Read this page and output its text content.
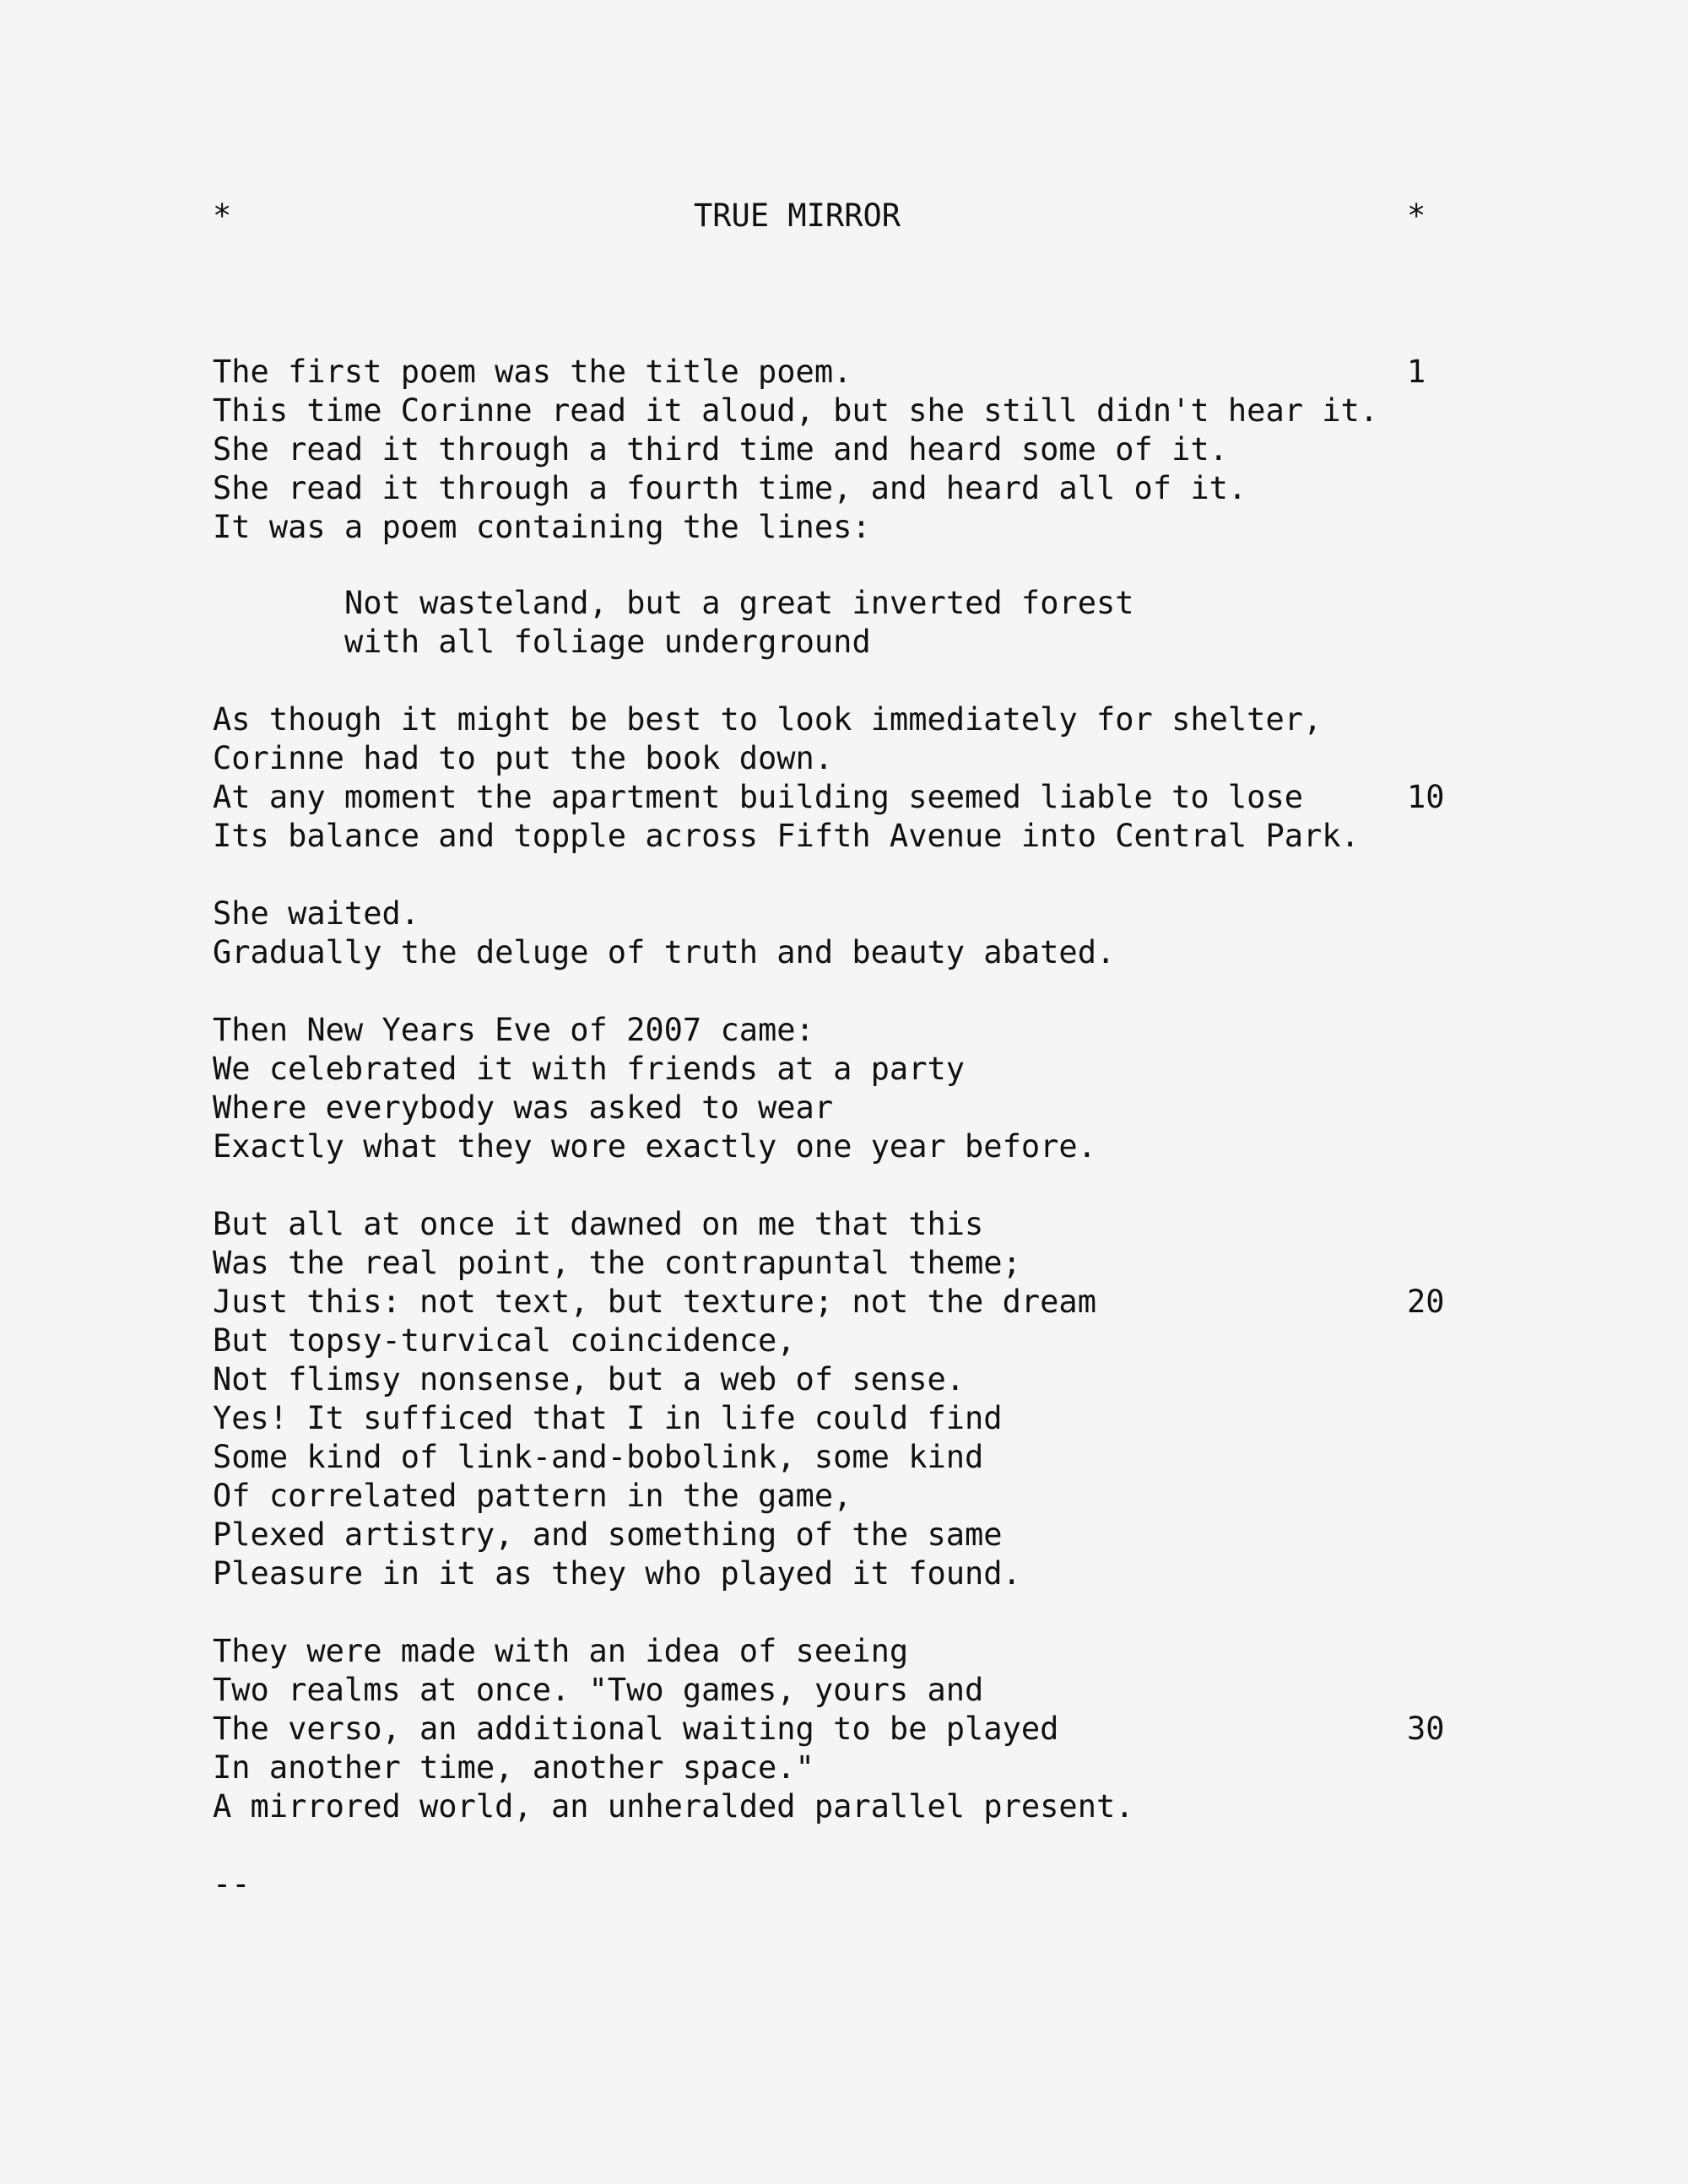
*	TRUE MIRROR	*
The first poem was the title poem.	1
This time Corinne read it aloud, but she still didn't hear it.
She read it through a third time and heard some of it.
She read it through a fourth time, and heard all of it.
It was a poem containing the lines:
Not wasteland, but a great inverted forest
with all foliage underground
As though it might be best to look immediately for shelter,
Corinne had to put the book down.
At any moment the apartment building seemed liable to lose	10
Its balance and topple across Fifth Avenue into Central Park.
She waited.
Gradually the deluge of truth and beauty abated.
Then New Years Eve of 2007 came:
We celebrated it with friends at a party
Where everybody was asked to wear
Exactly what they wore exactly one year before.
But all at once it dawned on me that this
Was the real point, the contrapuntal theme;
Just this: not text, but texture; not the dream	20
But topsy-turvical coincidence,
Not flimsy nonsense, but a web of sense.
Yes! It sufficed that I in life could find
Some kind of link-and-bobolink, some kind
Of correlated pattern in the game,
Plexed artistry, and something of the same
Pleasure in it as they who played it found.
They were made with an idea of seeing
Two realms at once. "Two games, yours and
The verso, an additional waiting to be played	30
In another time, another space."
A mirrored world, an unheralded parallel present.
--
